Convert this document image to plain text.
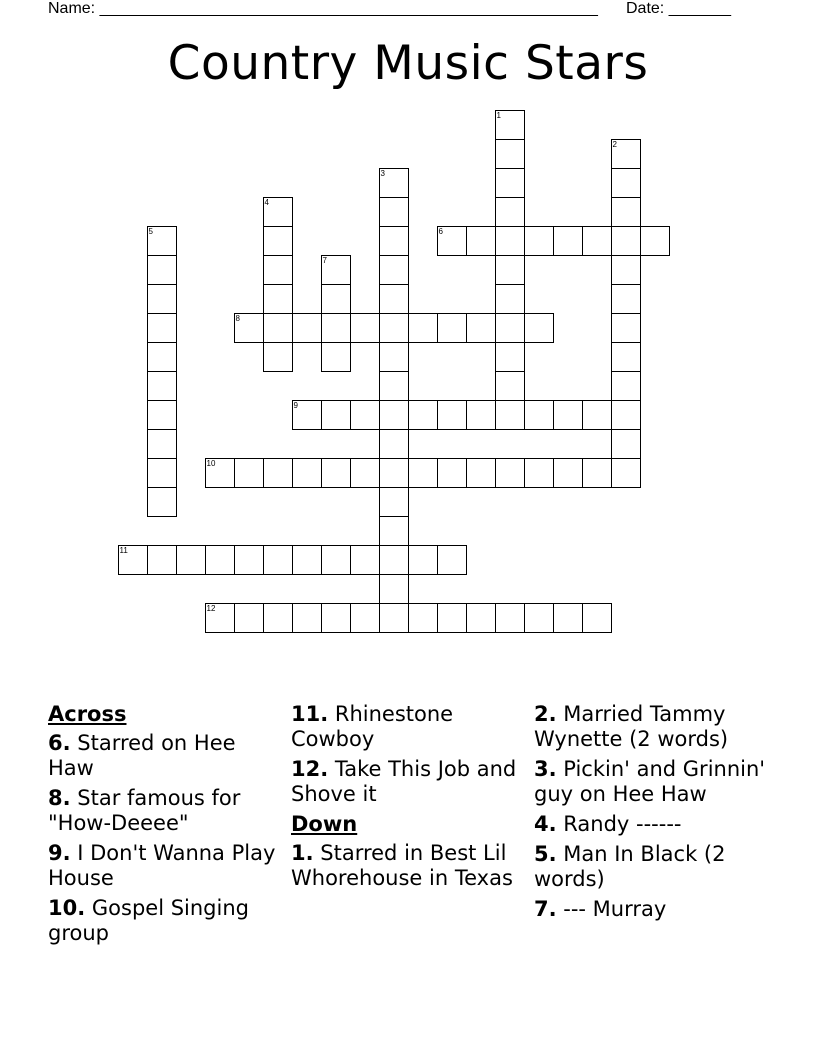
Name: ________________________________________________________ Date: _______
Country Music Stars
1
2
3
4
5	6
7
8
9
10
11
12
Across
6. Starred on Hee Haw
8. Star famous for "How-Deeee"
9. I Don't Wanna Play House
10. Gospel Singing group
11. Rhinestone Cowboy
12. Take This Job and Shove it
Down
1. Starred in Best Lil Whorehouse in Texas
2. Married Tammy Wynette (2 words)
3. Pickin' and Grinnin' guy on Hee Haw
4. Randy ------
5. Man In Black (2 words)
7. --- Murray
